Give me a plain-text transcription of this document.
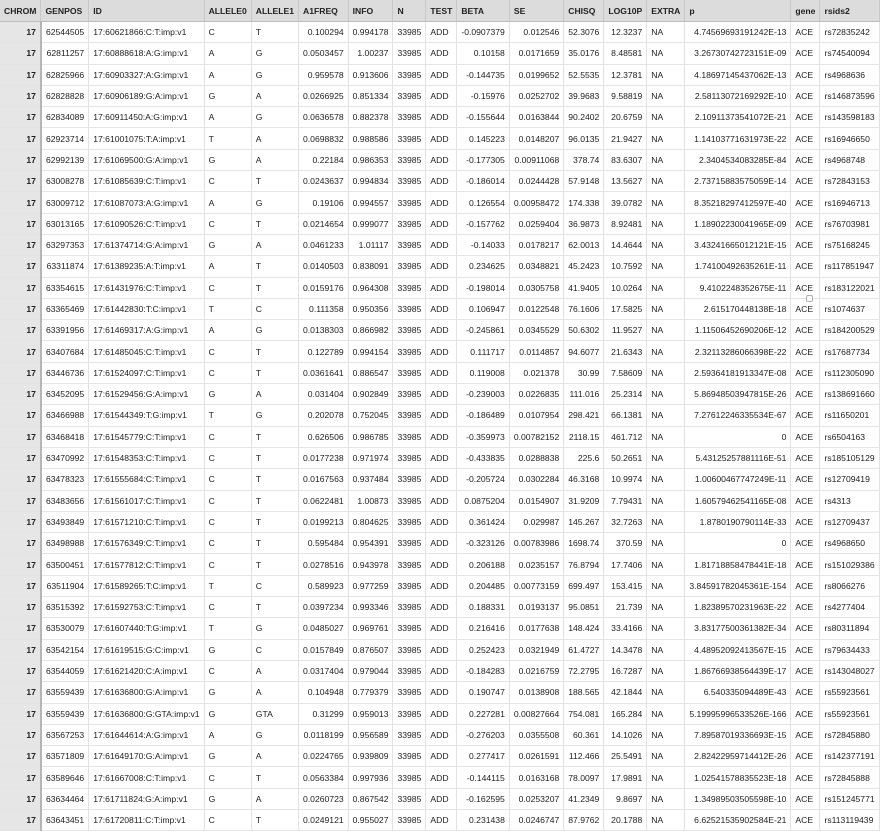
CHROM	GENPOS	ID	ALLELE0	ALLELE1	A1FREQ	INFO	N	TEST	BETA	SE	CHISQ	LOG10P	EXTRA	p	gene	rsids2
17	62544505	17:60621866:C:T:imp:v1	C	T	0.100294	0.994178	33985	ADD	-0.0907379	0.012546	52.3076	12.3237	NA	4.74569693191242E-13	ACE	rs72835242
17	62811257	17:60888618:A:G:imp:v1	A	G	0.0503457	1.00237	33985	ADD	0.10158	0.0171659	35.0176	8.48581	NA	3.26730742723151E-09	ACE	rs74540094
17	62825966	17:60903327:A:G:imp:v1	A	G	0.959578	0.913606	33985	ADD	-0.144735	0.0199652	52.5535	12.3781	NA	4.18697145437062E-13	ACE	rs4968636
17	62828828	17:60906189:G:A:imp:v1	G	A	0.0266925	0.851334	33985	ADD	-0.15976	0.0252702	39.9683	9.58819	NA	2.58113072169292E-10	ACE	rs146873596
17	62834089	17:60911450:A:G:imp:v1	A	G	0.0636578	0.882378	33985	ADD	-0.155644	0.0163844	90.2402	20.6759	NA	2.10911373541072E-21	ACE	rs143598183
17	62923714	17:61001075:T:A:imp:v1	T	A	0.0698832	0.988586	33985	ADD	0.145223	0.0148207	96.0135	21.9427	NA	1.14103771631973E-22	ACE	rs16946650
17	62992139	17:61069500:G:A:imp:v1	G	A	0.22184	0.986353	33985	ADD	-0.177305	0.00911068	378.74	83.6307	NA	2.3404534083285E-84	ACE	rs4968748
17	63008278	17:61085639:C:T:imp:v1	C	T	0.0243637	0.994834	33985	ADD	-0.186014	0.0244428	57.9148	13.5627	NA	2.73715883575059E-14	ACE	rs72843153
17	63009712	17:61087073:A:G:imp:v1	A	G	0.19106	0.994557	33985	ADD	0.126554	0.00958472	174.338	39.0782	NA	8.35218297412597E-40	ACE	rs16946713
17	63013165	17:61090526:C:T:imp:v1	C	T	0.0214654	0.999077	33985	ADD	-0.157762	0.0259404	36.9873	8.92481	NA	1.18902230041965E-09	ACE	rs76703981
17	63297353	17:61374714:G:A:imp:v1	G	A	0.0461233	1.01117	33985	ADD	-0.14033	0.0178217	62.0013	14.4644	NA	3.43241665012121E-15	ACE	rs75168245
17	63311874	17:61389235:A:T:imp:v1	A	T	0.0140503	0.838091	33985	ADD	0.234625	0.0348821	45.2423	10.7592	NA	1.74100492635261E-11	ACE	rs117851947
17	63354615	17:61431976:C:T:imp:v1	C	T	0.0159176	0.964308	33985	ADD	-0.198014	0.0305758	41.9405	10.0264	NA	9.4102248352675E-11	ACE	rs183122021
17	63365469	17:61442830:T:C:imp:v1	T	C	0.111358	0.950356	33985	ADD	0.106947	0.0122548	76.1606	17.5825	NA	2.615170448138E-18	ACE	rs1074637
17	63391956	17:61469317:A:G:imp:v1	A	G	0.0138303	0.866982	33985	ADD	-0.245861	0.0345529	50.6302	11.9527	NA	1.11506452690206E-12	ACE	rs184200529
17	63407684	17:61485045:C:T:imp:v1	C	T	0.122789	0.994154	33985	ADD	0.111717	0.0114857	94.6077	21.6343	NA	2.32113286066398E-22	ACE	rs17687734
17	63446736	17:61524097:C:T:imp:v1	C	T	0.0361641	0.886547	33985	ADD	0.119008	0.021378	30.99	7.58609	NA	2.59364181913347E-08	ACE	rs112305090
17	63452095	17:61529456:G:A:imp:v1	G	A	0.031404	0.902849	33985	ADD	-0.239003	0.0226835	111.016	25.2314	NA	5.86948503947815E-26	ACE	rs138691660
17	63466988	17:61544349:T:G:imp:v1	T	G	0.202078	0.752045	33985	ADD	-0.186489	0.0107954	298.421	66.1381	NA	7.27612246335534E-67	ACE	rs11650201
17	63468418	17:61545779:C:T:imp:v1	C	T	0.626506	0.986785	33985	ADD	-0.359973	0.00782152	2118.15	461.712	NA	0	ACE	rs6504163
17	63470992	17:61548353:C:T:imp:v1	C	T	0.0177238	0.971974	33985	ADD	-0.433835	0.0288838	225.6	50.2651	NA	5.43125257881116E-51	ACE	rs185105129
17	63478323	17:61555684:C:T:imp:v1	C	T	0.0167563	0.937484	33985	ADD	-0.205724	0.0302284	46.3168	10.9974	NA	1.00600467747249E-11	ACE	rs12709419
17	63483656	17:61561017:C:T:imp:v1	C	T	0.0622481	1.00873	33985	ADD	0.0875204	0.0154907	31.9209	7.79431	NA	1.60579462541165E-08	ACE	rs4313
17	63493849	17:61571210:C:T:imp:v1	C	T	0.0199213	0.804625	33985	ADD	0.361424	0.029987	145.267	32.7263	NA	1.8780190790114E-33	ACE	rs12709437
17	63498988	17:61576349:C:T:imp:v1	C	T	0.595484	0.954391	33985	ADD	-0.323126	0.00783986	1698.74	370.59	NA	0	ACE	rs4968650
17	63500451	17:61577812:C:T:imp:v1	C	T	0.0278516	0.943978	33985	ADD	0.206188	0.0235157	76.8794	17.7406	NA	1.81718858478441E-18	ACE	rs151029386
17	63511904	17:61589265:T:C:imp:v1	T	C	0.589923	0.977259	33985	ADD	0.204485	0.00773159	699.497	153.415	NA	3.84591782045361E-154	ACE	rs8066276
17	63515392	17:61592753:C:T:imp:v1	C	T	0.0397234	0.993346	33985	ADD	0.188331	0.0193137	95.0851	21.739	NA	1.82389570231963E-22	ACE	rs4277404
17	63530079	17:61607440:T:G:imp:v1	T	G	0.0485027	0.969761	33985	ADD	0.216416	0.0177638	148.424	33.4166	NA	3.83177500361382E-34	ACE	rs80311894
17	63542154	17:61619515:G:C:imp:v1	G	C	0.0157849	0.876507	33985	ADD	0.252423	0.0321949	61.4727	14.3478	NA	4.48952092413567E-15	ACE	rs79634433
17	63544059	17:61621420:C:A:imp:v1	C	A	0.0317404	0.979044	33985	ADD	-0.184283	0.0216759	72.2795	16.7287	NA	1.86766938564439E-17	ACE	rs143048027
17	63559439	17:61636800:G:A:imp:v1	G	A	0.104948	0.779379	33985	ADD	0.190747	0.0138908	188.565	42.1844	NA	6.540335094489E-43	ACE	rs55923561
17	63559439	17:61636800:G:GTA:imp:v1	G	GTA	0.31299	0.959013	33985	ADD	0.227281	0.00827664	754.081	165.284	NA	5.19995996533526E-166	ACE	rs55923561
17	63567253	17:61644614:A:G:imp:v1	A	G	0.0118199	0.956589	33985	ADD	-0.276203	0.0355508	60.361	14.1026	NA	7.89587019336693E-15	ACE	rs72845880
17	63571809	17:61649170:G:A:imp:v1	G	A	0.0224765	0.939809	33985	ADD	0.277417	0.0261591	112.466	25.5491	NA	2.82422959714412E-26	ACE	rs142377191
17	63589646	17:61667008:C:T:imp:v1	C	T	0.0563384	0.997936	33985	ADD	-0.144115	0.0163168	78.0097	17.9891	NA	1.02541578835523E-18	ACE	rs72845888
17	63634464	17:61711824:G:A:imp:v1	G	A	0.0260723	0.867542	33985	ADD	-0.162595	0.0253207	41.2349	9.8697	NA	1.34989503505598E-10	ACE	rs151245771
17	63643451	17:61720811:C:T:imp:v1	C	T	0.0249121	0.955027	33985	ADD	0.231438	0.0246747	87.9762	20.1788	NA	6.62521535902584E-21	ACE	rs113119439
